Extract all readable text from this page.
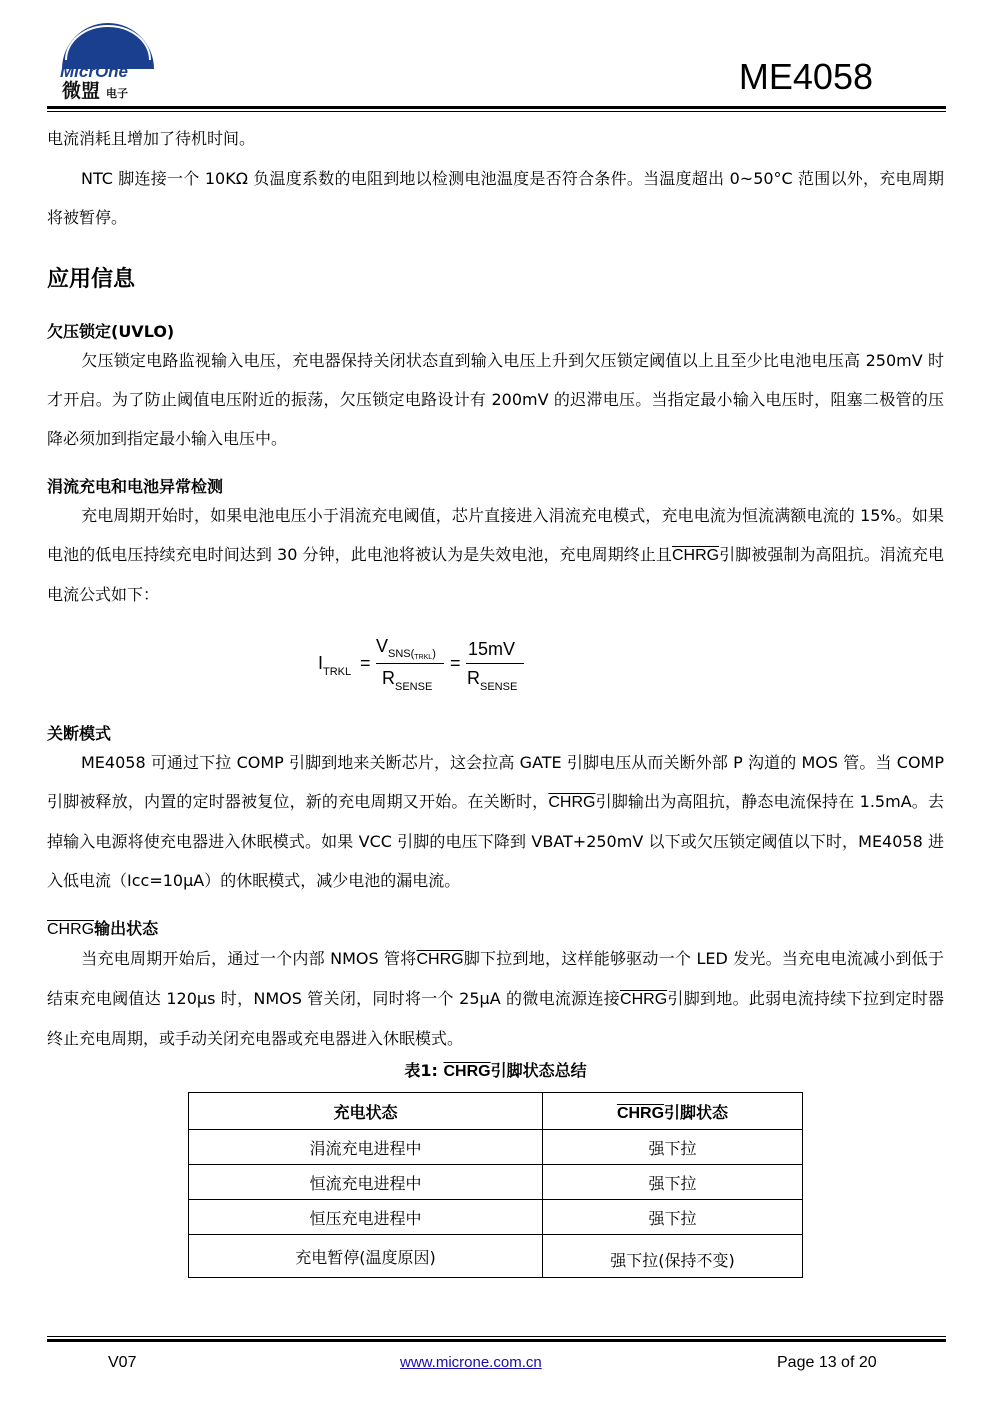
MicrOne
微盟 电子	ME4058
电流消耗且增加了待机时间。
NTC 脚连接一个 10KΩ 负温度系数的电阻到地以检测电池温度是否符合条件。当温度超出 0~50°C 范围以外，充电周期将被暂停。
应用信息
欠压锁定(UVLO)
欠压锁定电路监视输入电压，充电器保持关闭状态直到输入电压上升到欠压锁定阈值以上且至少比电池电压高 250mV 时才开启。为了防止阈值电压附近的振荡，欠压锁定电路设计有 200mV 的迟滞电压。当指定最小输入电压时，阻塞二极管的压降必须加到指定最小输入电压中。
涓流充电和电池异常检测
充电周期开始时，如果电池电压小于涓流充电阈值，芯片直接进入涓流充电模式，充电电流为恒流满额电流的 15%。如果电池的低电压持续充电时间达到 30 分钟，此电池将被认为是失效电池，充电周期终止且CHRG引脚被强制为高阻抗。涓流充电电流公式如下：
$I_{TRKL}$ =
$V_{SNS(TRKL)}$
$R_{SENSE}$
=
15mV
$R_{SENSE}$
关断模式
ME4058 可通过下拉 COMP 引脚到地来关断芯片，这会拉高 GATE 引脚电压从而关断外部 P 沟道的 MOS 管。当 COMP 引脚被释放，内置的定时器被复位，新的充电周期又开始。在关断时，CHRG引脚输出为高阻抗，静态电流保持在 1.5mA。去掉输入电源将使充电器进入休眠模式。如果 VCC 引脚的电压下降到 VBAT+250mV 以下或欠压锁定阈值以下时，ME4058 进入低电流（Icc=10μA）的休眠模式，减少电池的漏电流。
CHRG输出状态
当充电周期开始后，通过一个内部 NMOS 管将CHRG脚下拉到地，这样能够驱动一个 LED 发光。当充电电流减小到低于结束充电阈值达 120μs 时，NMOS 管关闭，同时将一个 25μA 的微电流源连接CHRG引脚到地。此弱电流持续下拉到定时器终止充电周期，或手动关闭充电器或充电器进入休眠模式。
表1: CHRG引脚状态总结
充电状态	CHRG引脚状态
涓流充电进程中	强下拉
恒流充电进程中	强下拉
恒压充电进程中	强下拉
充电暂停(温度原因)	强下拉(保持不变)
V07	www.microne.com.cn	Page 13 of 20
